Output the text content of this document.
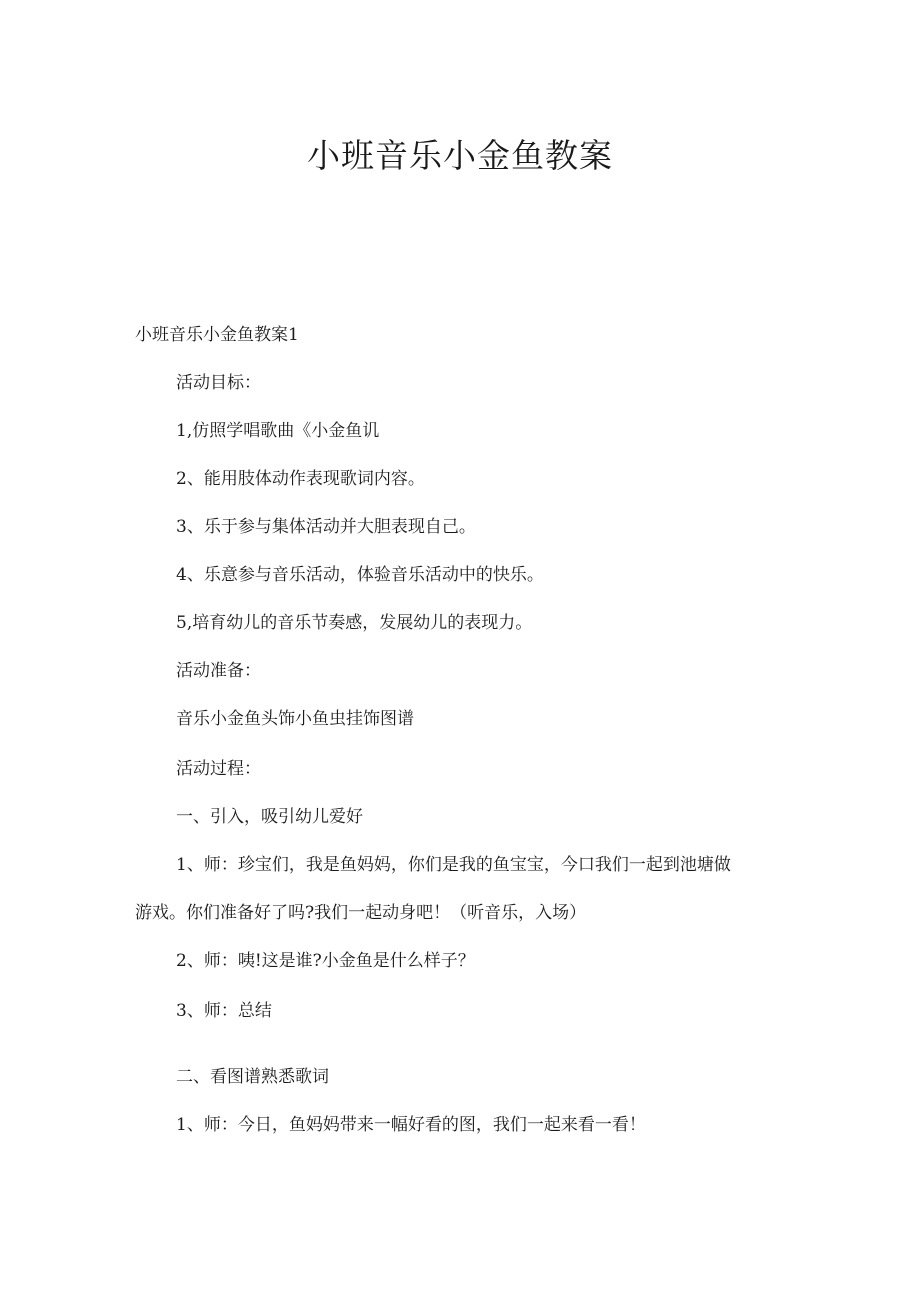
小班音乐小金鱼教案

小班音乐小金鱼教案1

活动目标：

1,仿照学唱歌曲《小金鱼讥

2、能用肢体动作表现歌词内容。

3、乐于参与集体活动并大胆表现自己。

4、乐意参与音乐活动，体验音乐活动中的快乐。

5,培育幼儿的音乐节奏感，发展幼儿的表现力。

活动准备：

音乐小金鱼头饰小鱼虫挂饰图谱

活动过程：

一、引入，吸引幼儿爱好

1、师：珍宝们，我是鱼妈妈，你们是我的鱼宝宝，今口我们一起到池塘做

游戏。你们准备好了吗?我们一起动身吧！（听音乐，入场）

2、师：咦!这是谁?小金鱼是什么样子？

3、师：总结

二、看图谱熟悉歌词

1、师：今日，鱼妈妈带来一幅好看的图，我们一起来看一看！
